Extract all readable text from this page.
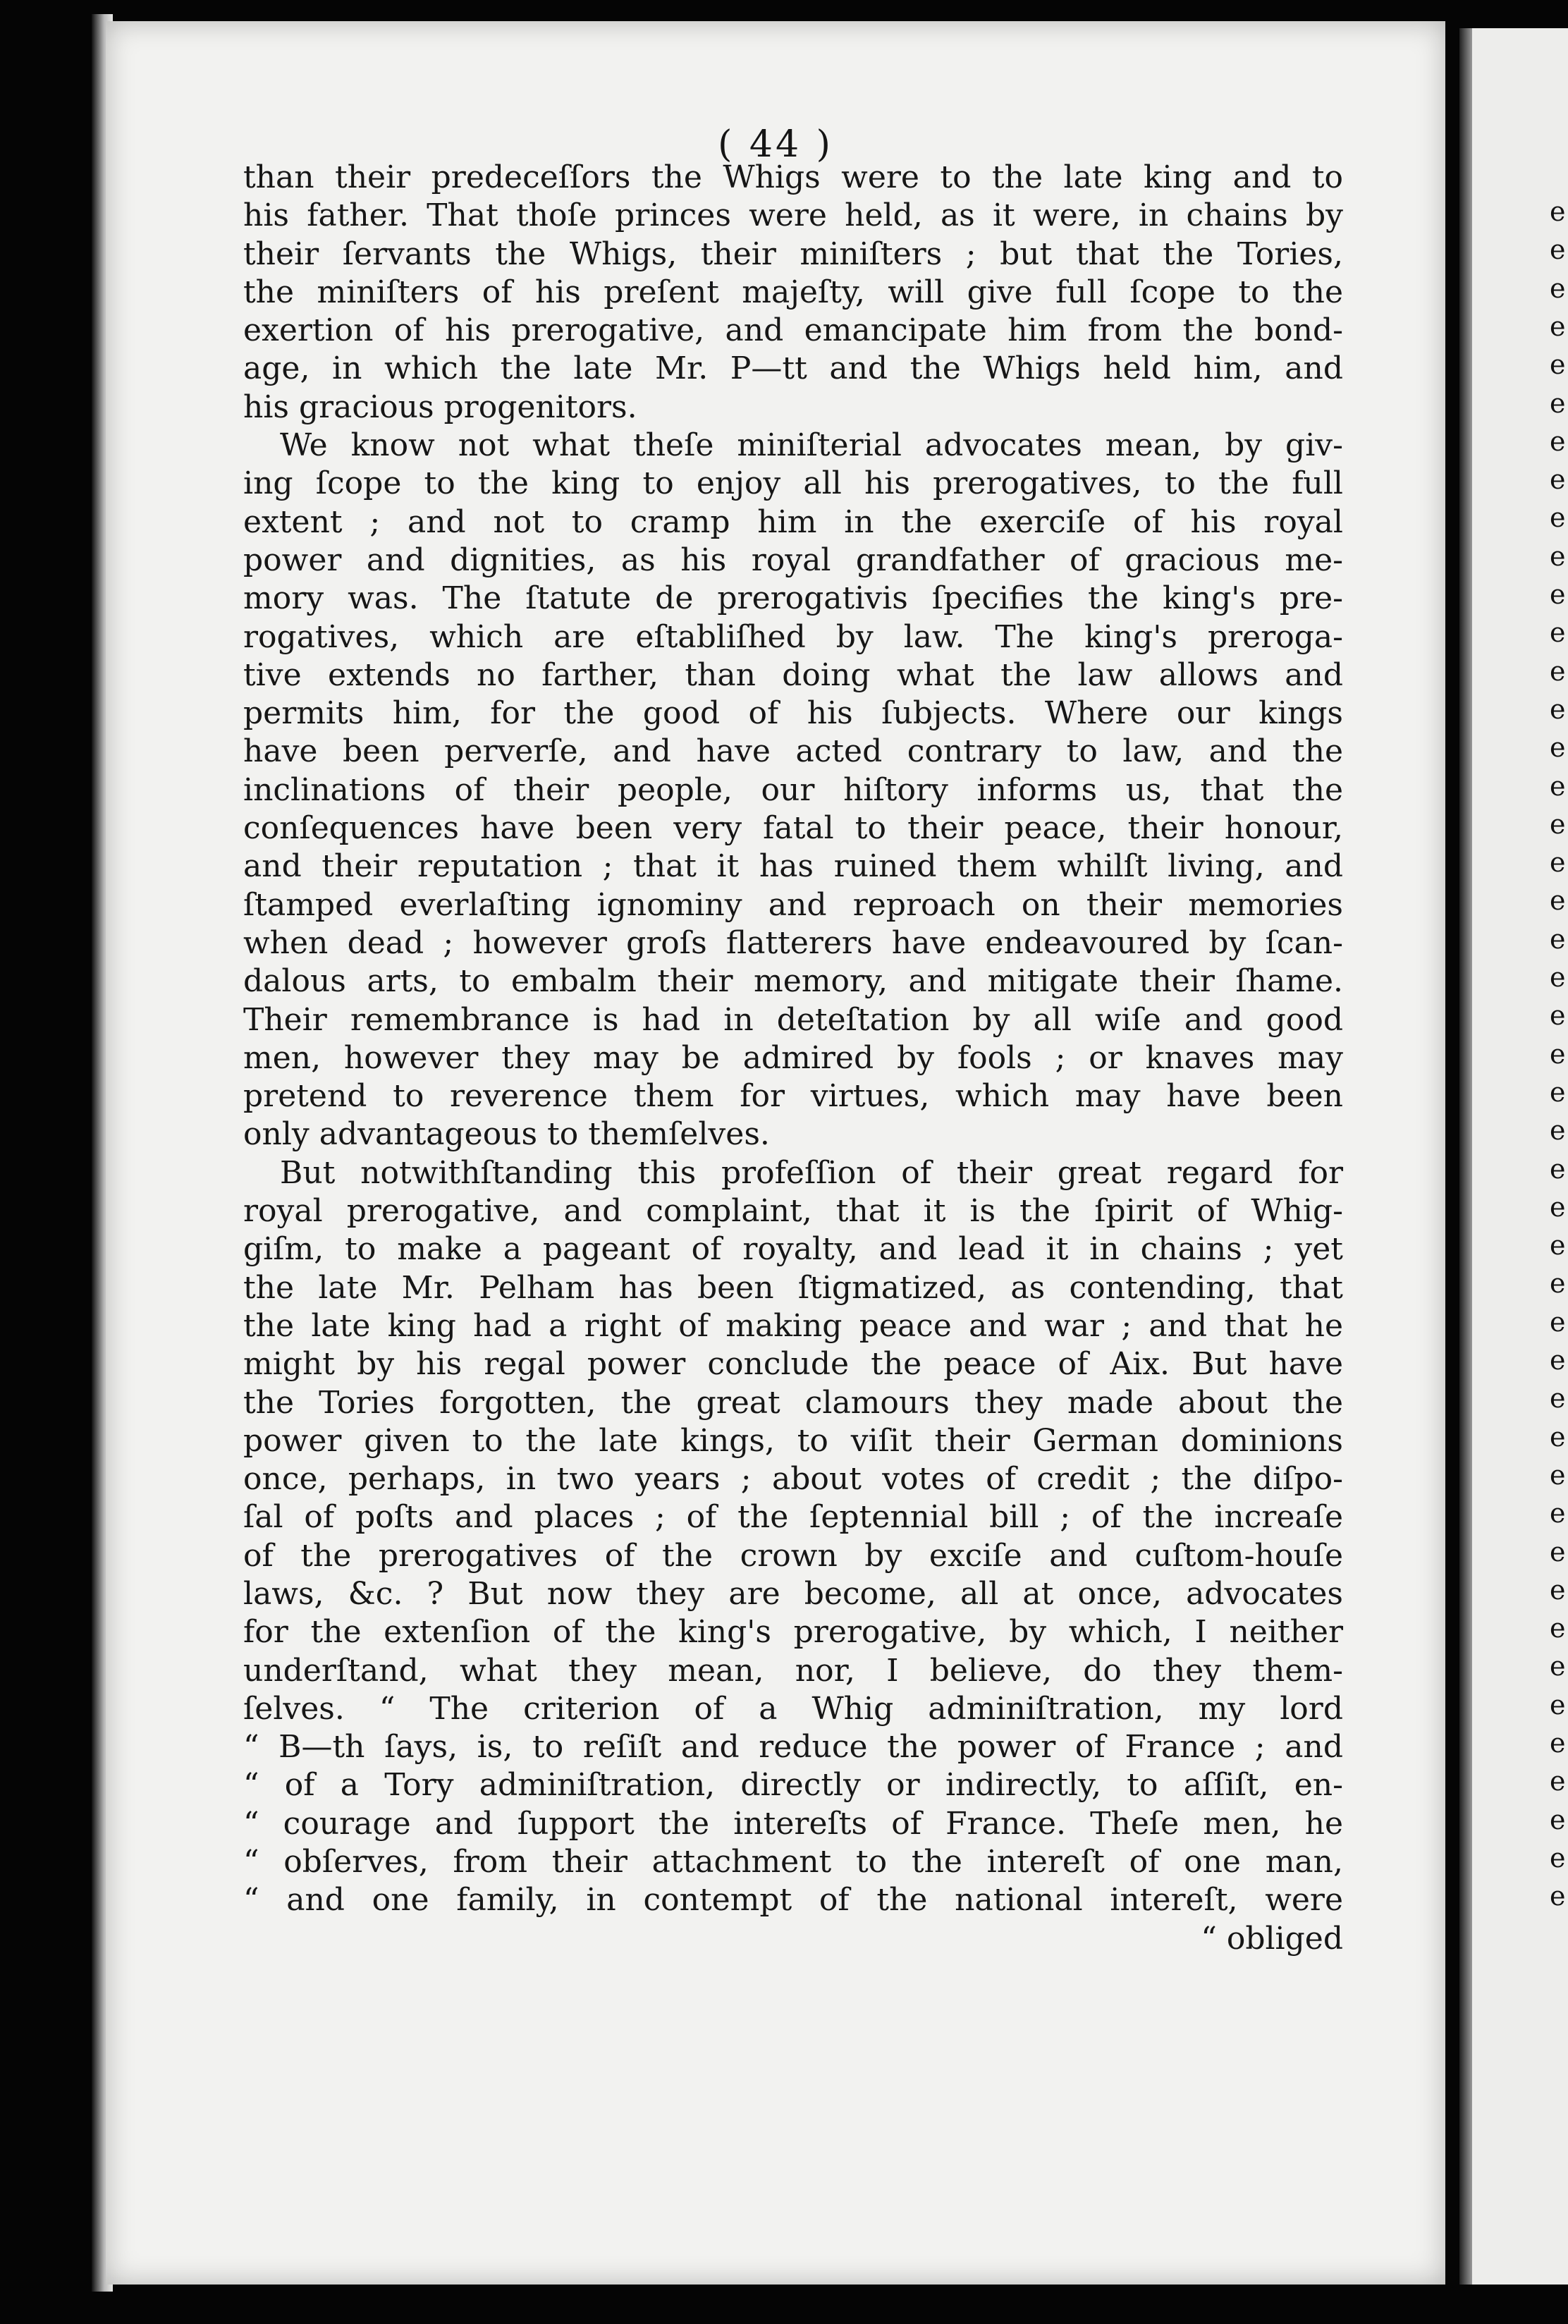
( 44 )
than their predeceſſors the Whigs were to the late king and to
his father. That thoſe princes were held, as it were, in chains by
their ſervants the Whigs, their miniſters ; but that the Tories,
the miniſters of his preſent majeſty, will give full ſcope to the
exertion of his prerogative, and emancipate him from the bond-
age, in which the late Mr. P—tt and the Whigs held him, and
his gracious progenitors.
We know not what theſe miniſterial advocates mean, by giv-
ing ſcope to the king to enjoy all his prerogatives, to the full
extent ; and not to cramp him in the exerciſe of his royal
power and dignities, as his royal grandfather of gracious me-
mory was. The ſtatute de prerogativis ſpecifies the king's pre-
rogatives, which are eſtabliſhed by law. The king's preroga-
tive extends no farther, than doing what the law allows and
permits him, for the good of his ſubjects. Where our kings
have been perverſe, and have acted contrary to law, and the
inclinations of their people, our hiſtory informs us, that the
conſequences have been very fatal to their peace, their honour,
and their reputation ; that it has ruined them whilſt living, and
ſtamped everlaſting ignominy and reproach on their memories
when dead ; however groſs flatterers have endeavoured by ſcan-
dalous arts, to embalm their memory, and mitigate their ſhame.
Their remembrance is had in deteſtation by all wiſe and good
men, however they may be admired by fools ; or knaves may
pretend to reverence them for virtues, which may have been
only advantageous to themſelves.
But notwithſtanding this profeſſion of their great regard for
royal prerogative, and complaint, that it is the ſpirit of Whig-
giſm, to make a pageant of royalty, and lead it in chains ; yet
the late Mr. Pelham has been ſtigmatized, as contending, that
the late king had a right of making peace and war ; and that he
might by his regal power conclude the peace of Aix. But have
the Tories forgotten, the great clamours they made about the
power given to the late kings, to viſit their German dominions
once, perhaps, in two years ; about votes of credit ; the diſpo-
ſal of poſts and places ; of the ſeptennial bill ; of the increaſe
of the prerogatives of the crown by exciſe and cuſtom-houſe
laws, &c. ? But now they are become, all at once, advocates
for the extenſion of the king's prerogative, by which, I neither
underſtand, what they mean, nor, I believe, do they them-
ſelves. “ The criterion of a Whig adminiſtration, my lord
“ B—th ſays, is, to reſiſt and reduce the power of France ; and
“ of a Tory adminiſtration, directly or indirectly, to aſſiſt, en-
“ courage and ſupport the intereſts of France. Theſe men, he
“ obſerves, from their attachment to the intereſt of one man,
“ and one family, in contempt of the national intereſt, were
“ obliged
e
e
e
e
e
e
e
e
e
e
e
e
e
e
e
e
e
e
e
e
e
e
e
e
e
e
e
e
e
e
e
e
e
e
e
e
e
e
e
e
e
e
e
e
e
